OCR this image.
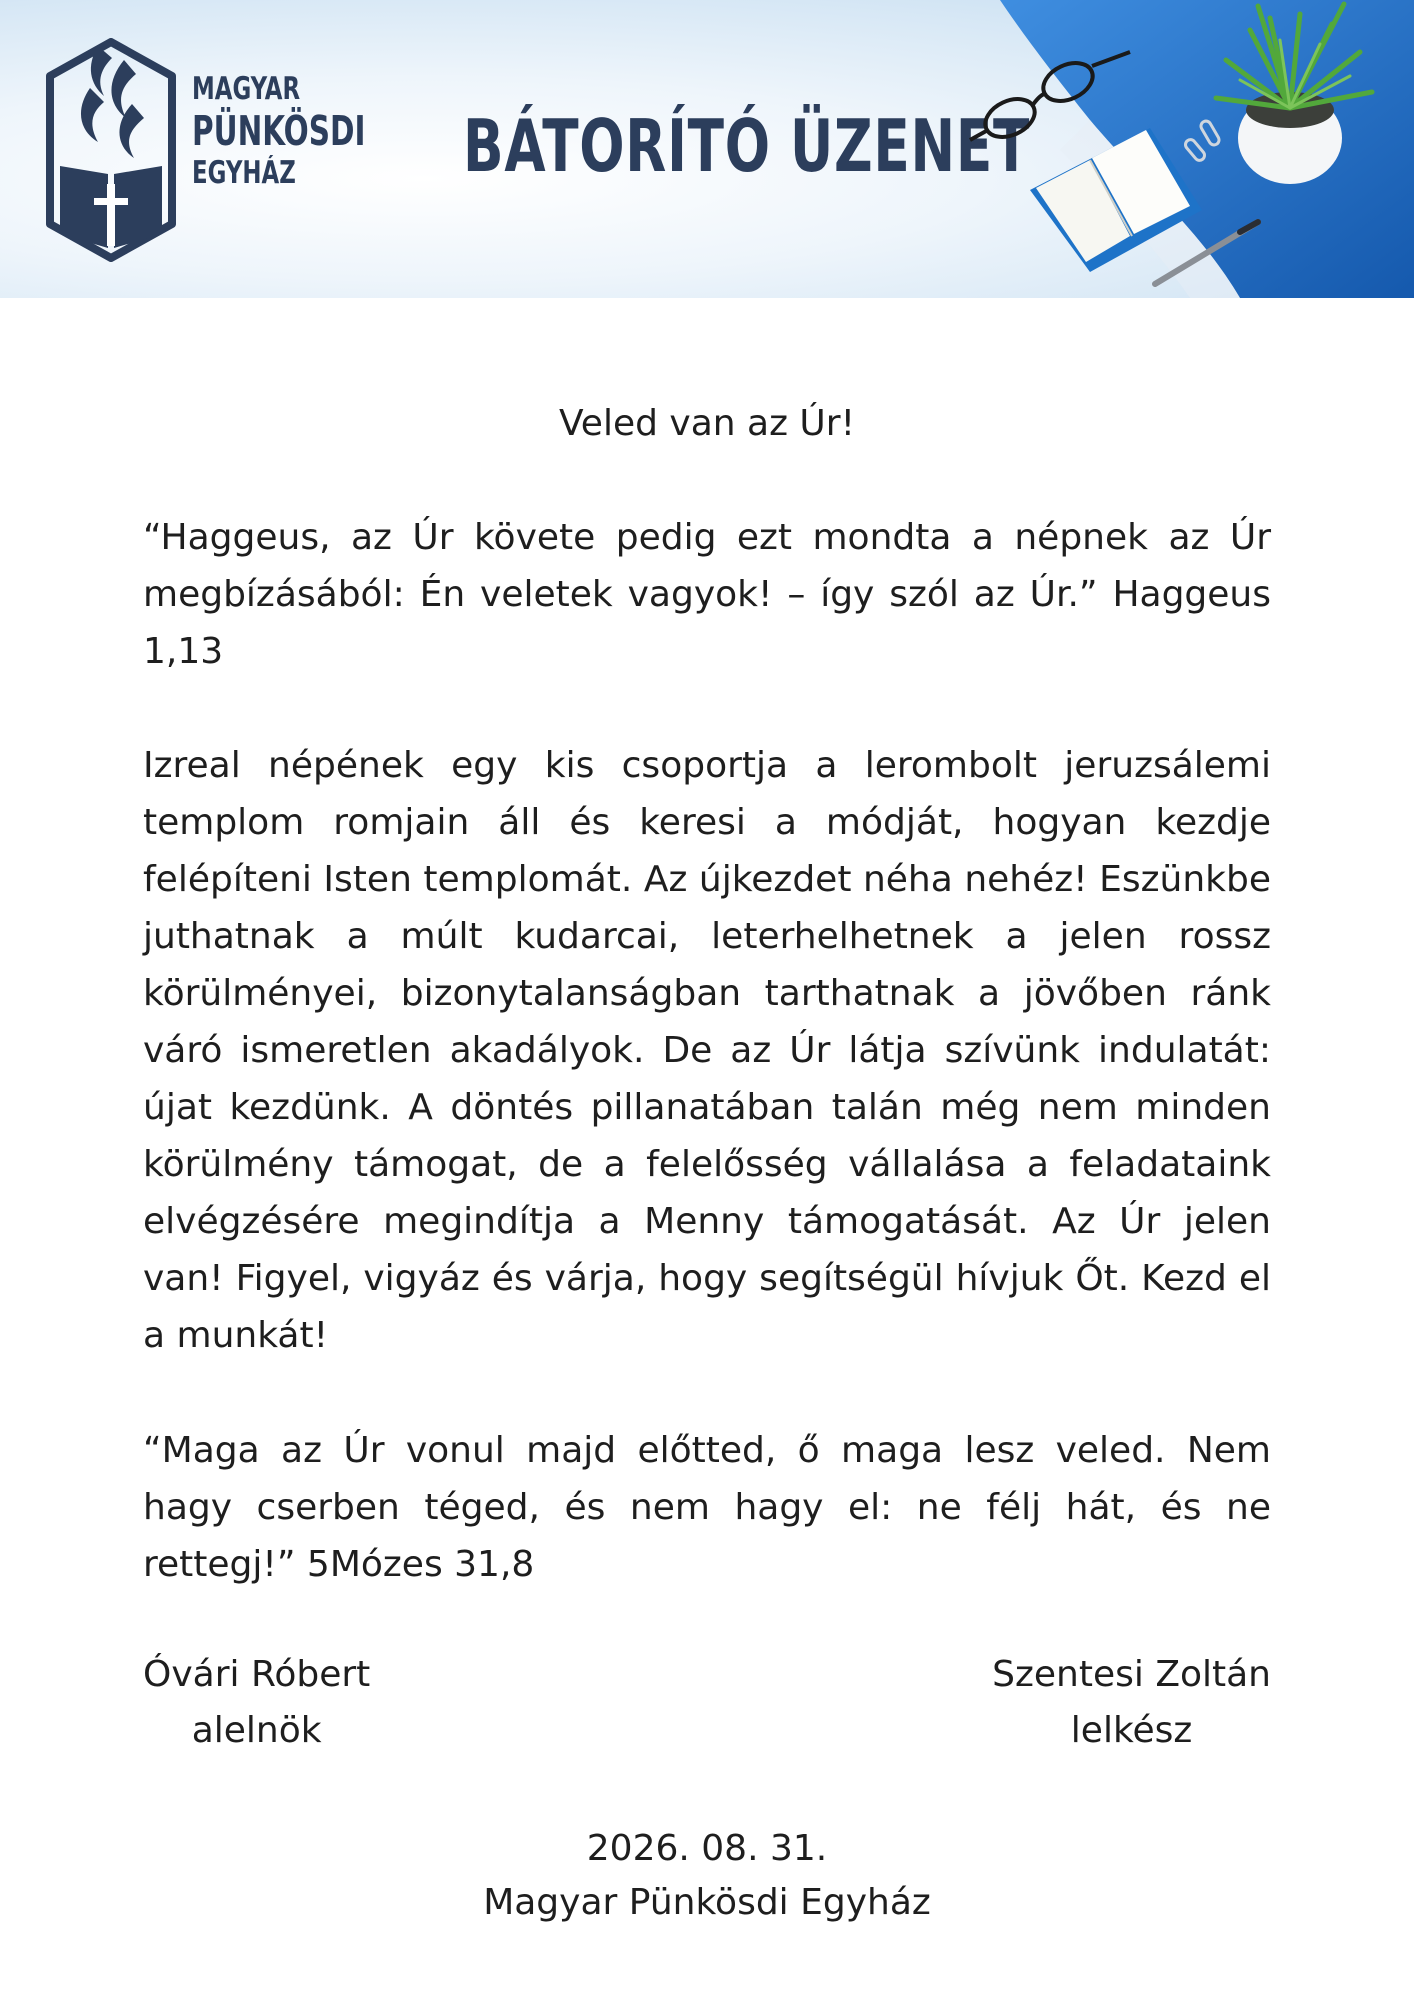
MAGYAR
PÜNKÖSDI
EGYHÁZ	BÁTORÍTÓ ÜZENET

Veled van az Úr!

“Haggeus, az Úr követe pedig ezt mondta a népnek az Úr megbízásából: Én veletek vagyok! – így szól az Úr.” Haggeus 1,13

Izreal népének egy kis csoportja a lerombolt jeruzsálemi templom romjain áll és keresi a módját, hogyan kezdje felépíteni Isten templomát. Az újkezdet néha nehéz! Eszünkbe juthatnak a múlt kudarcai, leterhelhetnek a jelen rossz körülményei, bizonytalanságban tarthatnak a jövőben ránk váró ismeretlen akadályok. De az Úr látja szívünk indulatát: újat kezdünk. A döntés pillanatában talán még nem minden körülmény támogat, de a felelősség vállalása a feladataink elvégzésére megindítja a Menny támogatását. Az Úr jelen van! Figyel, vigyáz és várja, hogy segítségül hívjuk Őt. Kezd el a munkát!

“Maga az Úr vonul majd előtted, ő maga lesz veled. Nem hagy cserben téged, és nem hagy el: ne félj hát, és ne rettegj!” 5Mózes 31,8

Óvári Róbert
alelnök
Szentesi Zoltán
lelkész
2026. 08. 31.
Magyar Pünkösdi Egyház
